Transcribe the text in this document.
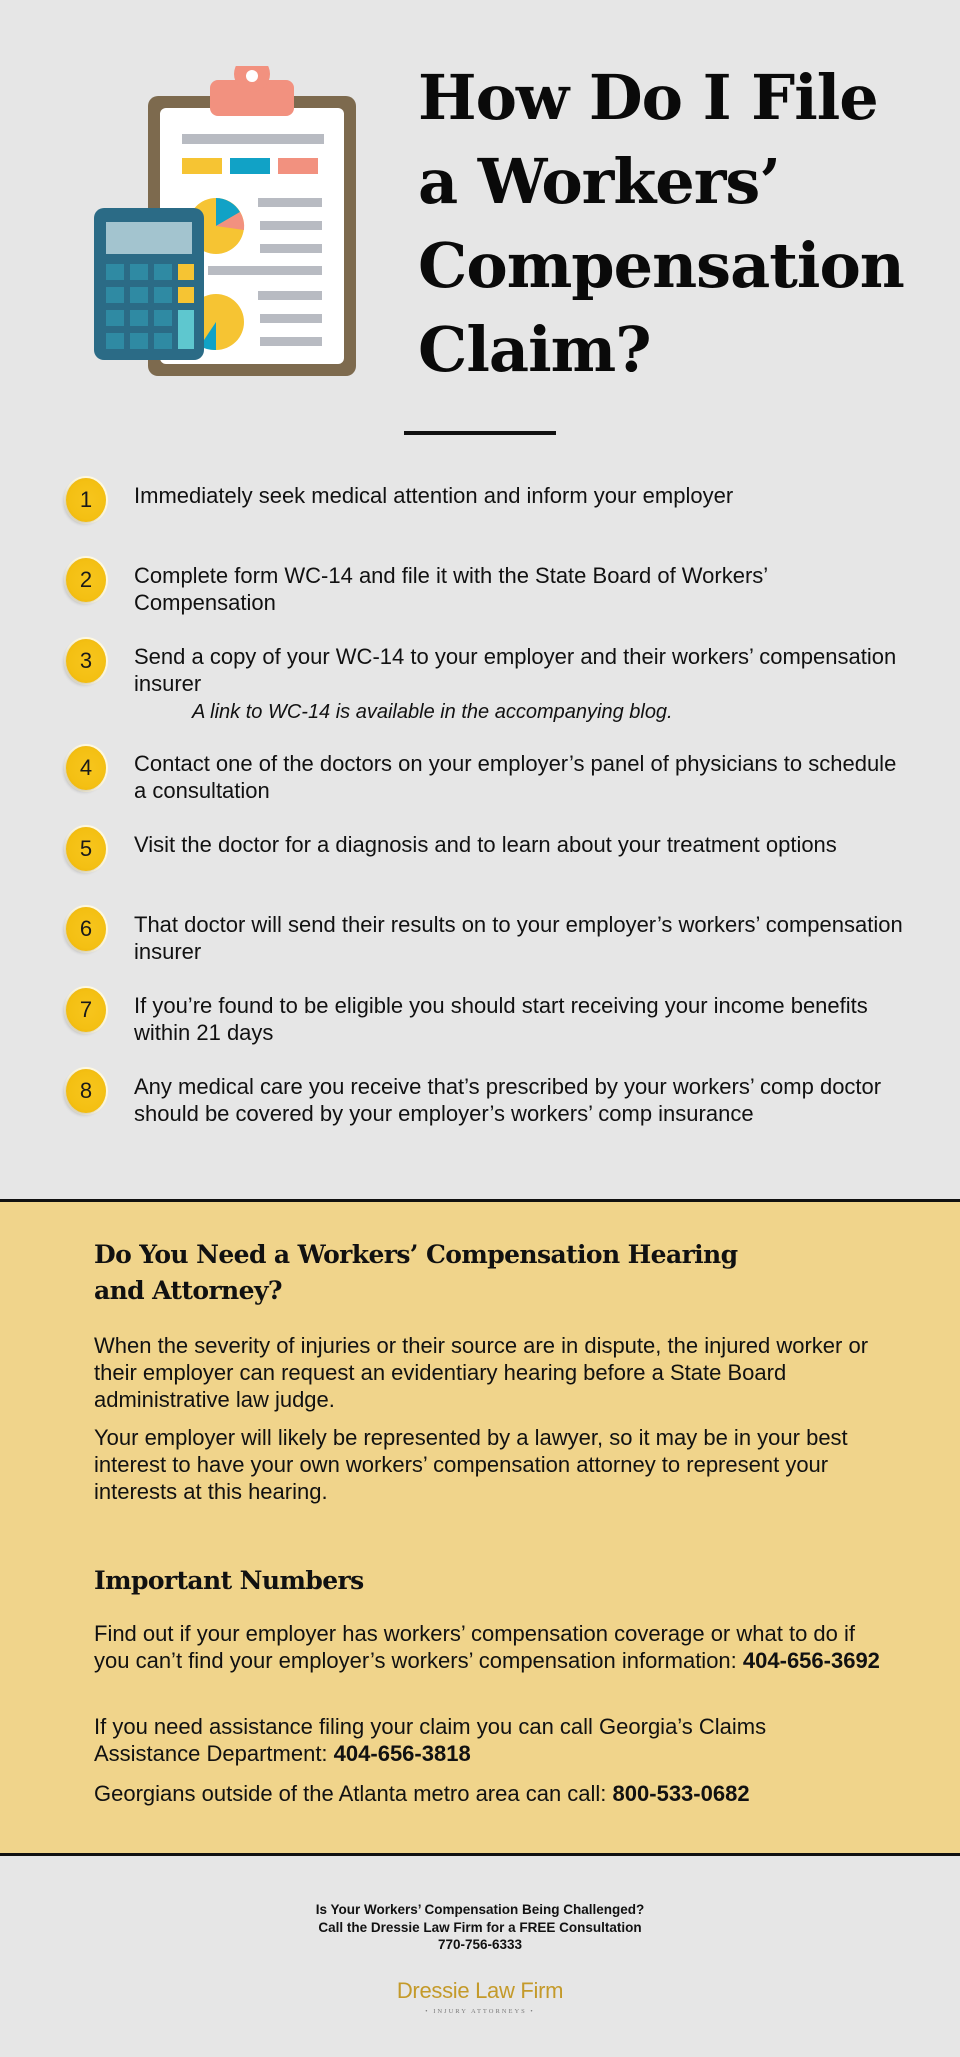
How Do I File
a Workers’
Compensation
Claim?
1	Immediately seek medical attention and inform your employer
2	Complete form WC-14 and file it with the State Board of Workers’ Compensation
3	Send a copy of your WC-14 to your employer and their workers’ compensation insurer
A link to WC-14 is available in the accompanying blog.
4	Contact one of the doctors on your employer’s panel of physicians to schedule a consultation
5	Visit the doctor for a diagnosis and to learn about your treatment options
6	That doctor will send their results on to your employer’s workers’ compensation insurer
7	If you’re found to be eligible you should start receiving your income benefits within 21 days
8	Any medical care you receive that’s prescribed by your workers’ comp doctor should be covered by your employer’s workers’ comp insurance
Do You Need a Workers’ Compensation Hearing
and Attorney?

When the severity of injuries or their source are in dispute, the injured worker or their employer can request an evidentiary hearing before a State Board administrative law judge.

Your employer will likely be represented by a lawyer, so it may be in your best interest to have your own workers’ compensation attorney to represent your interests at this hearing.

Important Numbers

Find out if your employer has workers’ compensation coverage or what to do if you can’t find your employer’s workers’ compensation information: 404-656-3692

If you need assistance filing your claim you can call Georgia’s Claims Assistance Department: 404-656-3818

Georgians outside of the Atlanta metro area can call: 800-533-0682

Is Your Workers’ Compensation Being Challenged?
Call the Dressie Law Firm for a FREE Consultation
770-756-6333
Dressie Law Firm
• INJURY ATTORNEYS •
